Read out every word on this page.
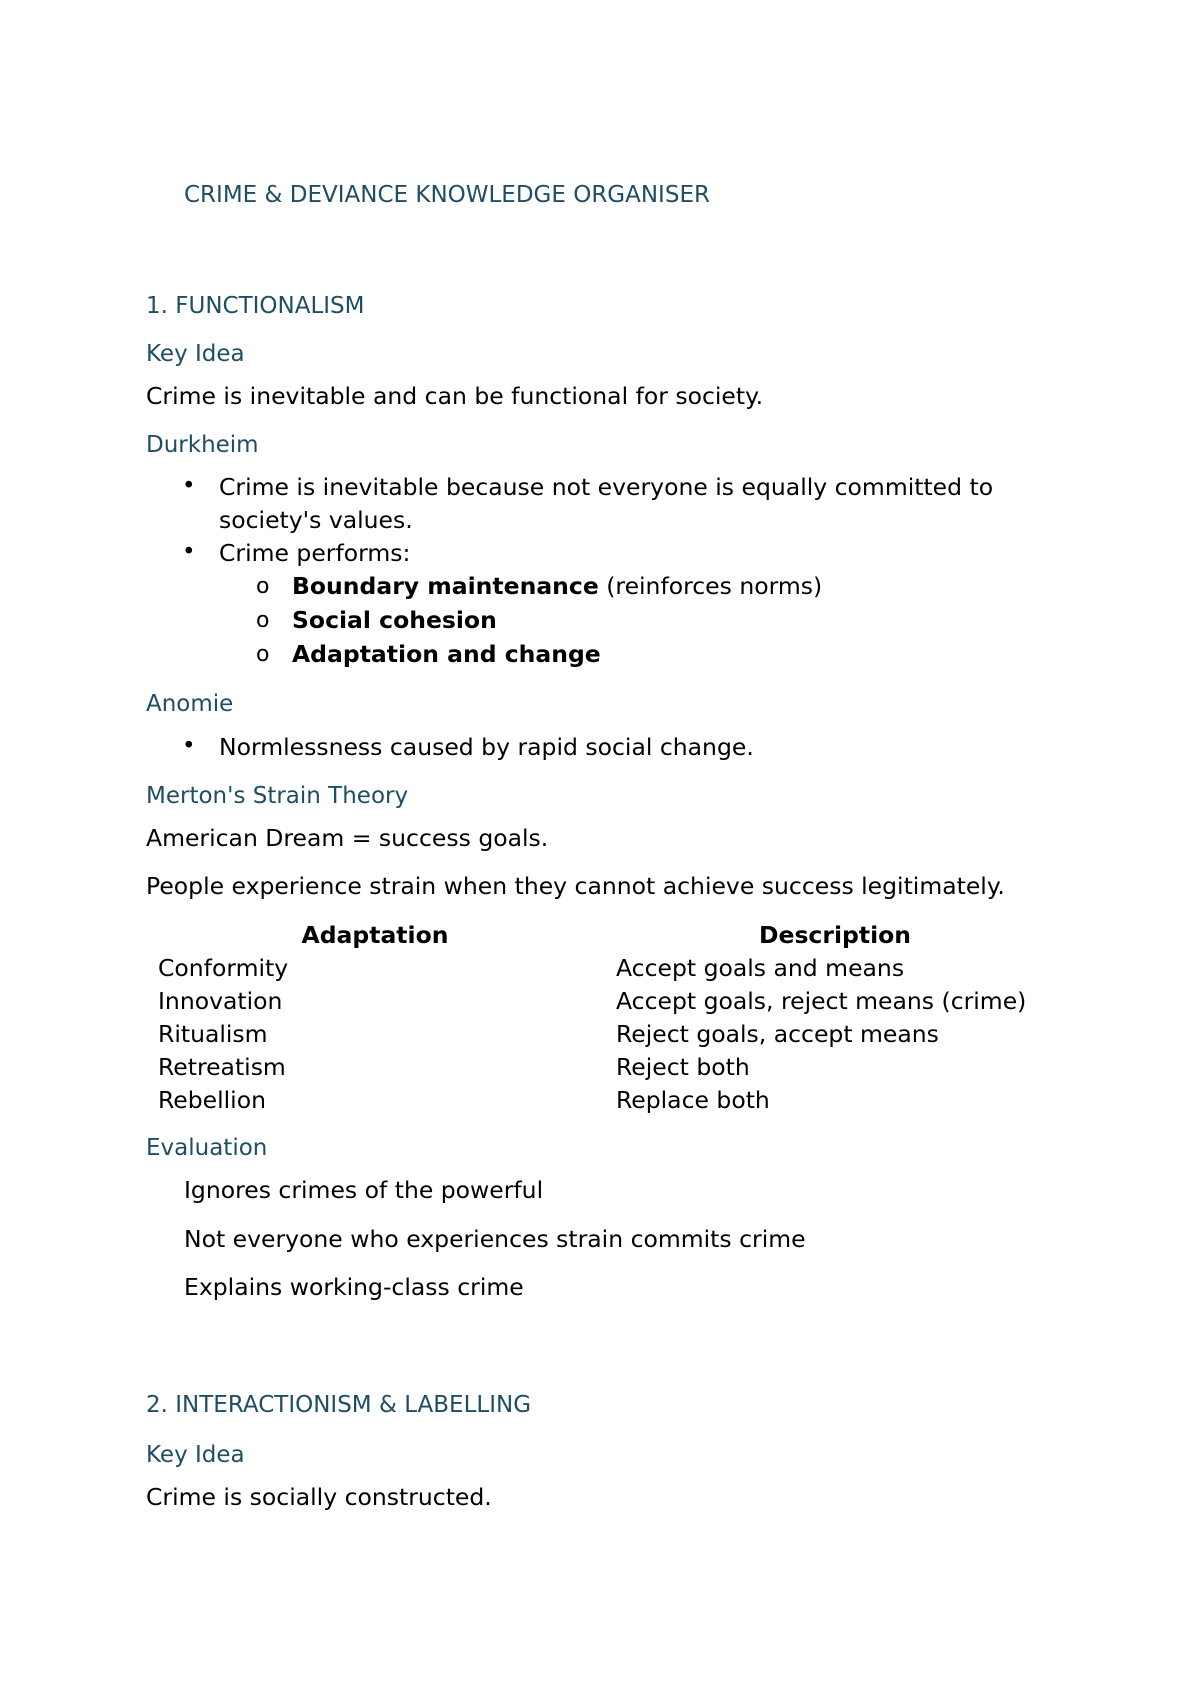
CRIME & DEVIANCE KNOWLEDGE ORGANISER
1. FUNCTIONALISM
Key Idea
Crime is inevitable and can be functional for society.
Durkheim
• Crime is inevitable because not everyone is equally committed to
society's values.
• Crime performs:
o Boundary maintenance (reinforces norms)
o Social cohesion
o Adaptation and change
Anomie
• Normlessness caused by rapid social change.
Merton's Strain Theory
American Dream = success goals.
People experience strain when they cannot achieve success legitimately.
Adaptation	Description
Conformity	Accept goals and means
Innovation	Accept goals, reject means (crime)
Ritualism	Reject goals, accept means
Retreatism	Reject both
Rebellion	Replace both
Evaluation
Ignores crimes of the powerful
Not everyone who experiences strain commits crime
Explains working-class crime
2. INTERACTIONISM & LABELLING
Key Idea
Crime is socially constructed.
